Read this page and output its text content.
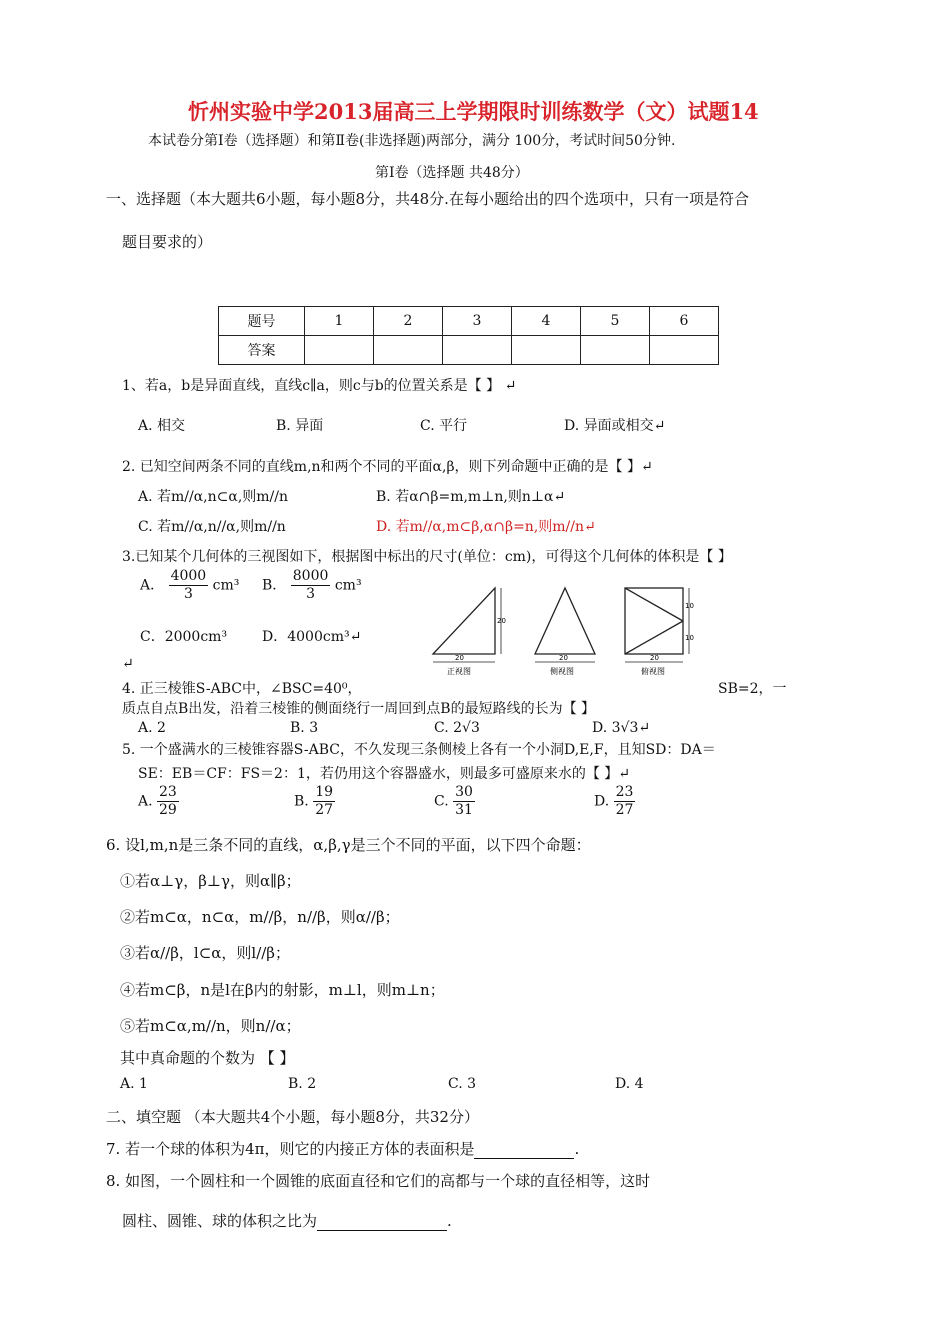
忻州实验中学2013届高三上学期限时训练数学（文）试题14
本试卷分第Ⅰ卷（选择题）和第Ⅱ卷(非选择题)两部分，满分 100分，考试时间50分钟.
第Ⅰ卷（选择题 共48分）
一、选择题（本大题共6小题，每小题8分，共48分.在每小题给出的四个选项中，只有一项是符合
题目要求的）
题号	1	2	3	4	5	6
答案						
1、若a，b是异面直线，直线c∥a，则c与b的位置关系是【 】 ↵
A. 相交	B. 异面	C. 平行	D. 异面或相交↵
2. 已知空间两条不同的直线m,n和两个不同的平面α,β，则下列命题中正确的是【 】↵
A. 若m//α,n⊂α,则m//n	B. 若α∩β=m,m⊥n,则n⊥α↵
C. 若m//α,n//α,则m//n	D. 若m//α,m⊂β,α∩β=n,则m//n↵
3.已知某个几何体的三视图如下，根据图中标出的尺寸(单位：cm)，可得这个几何体的体积是【 】
A． $\frac{4000}{3} cm^3$ B． $\frac{8000}{3} cm^3$
C．2000cm³ D．4000cm³↵
↵	20
20
正视图
20
侧视图
20
10
10
俯视图
4. 正三棱锥S-ABC中，∠BSC=40⁰，	SB=2，一
质点自点B出发，沿着三棱锥的侧面绕行一周回到点B的最短路线的长为【 】
A. 2	B. 3	C. 2√3	D. 3√3↵
5. 一个盛满水的三棱锥容器S-ABC，不久发现三条侧棱上各有一个小洞D,E,F，且知SD：DA＝
SE：EB＝CF：FS＝2：1，若仍用这个容器盛水，则最多可盛原来水的【 】↵
A. $\frac{23}{29}$	B. $\frac{19}{27}$	C. $\frac{30}{31}$	D. $\frac{23}{27}$
6. 设l,m,n是三条不同的直线，α,β,γ是三个不同的平面，以下四个命题：
①若α⊥γ，β⊥γ，则α∥β；
②若m⊂α，n⊂α，m//β，n//β，则α//β；
③若α//β，l⊂α，则l//β；
④若m⊂β，n是l在β内的射影，m⊥l，则m⊥n；
⑤若m⊂α,m//n，则n//α；
其中真命题的个数为 【 】
A. 1	B. 2	C. 3	D. 4
二、填空题 （本大题共4个小题，每小题8分，共32分）
7. 若一个球的体积为4π，则它的内接正方体的表面积是	.
8. 如图，一个圆柱和一个圆锥的底面直径和它们的高都与一个球的直径相等，这时
圆柱、圆锥、球的体积之比为	.
